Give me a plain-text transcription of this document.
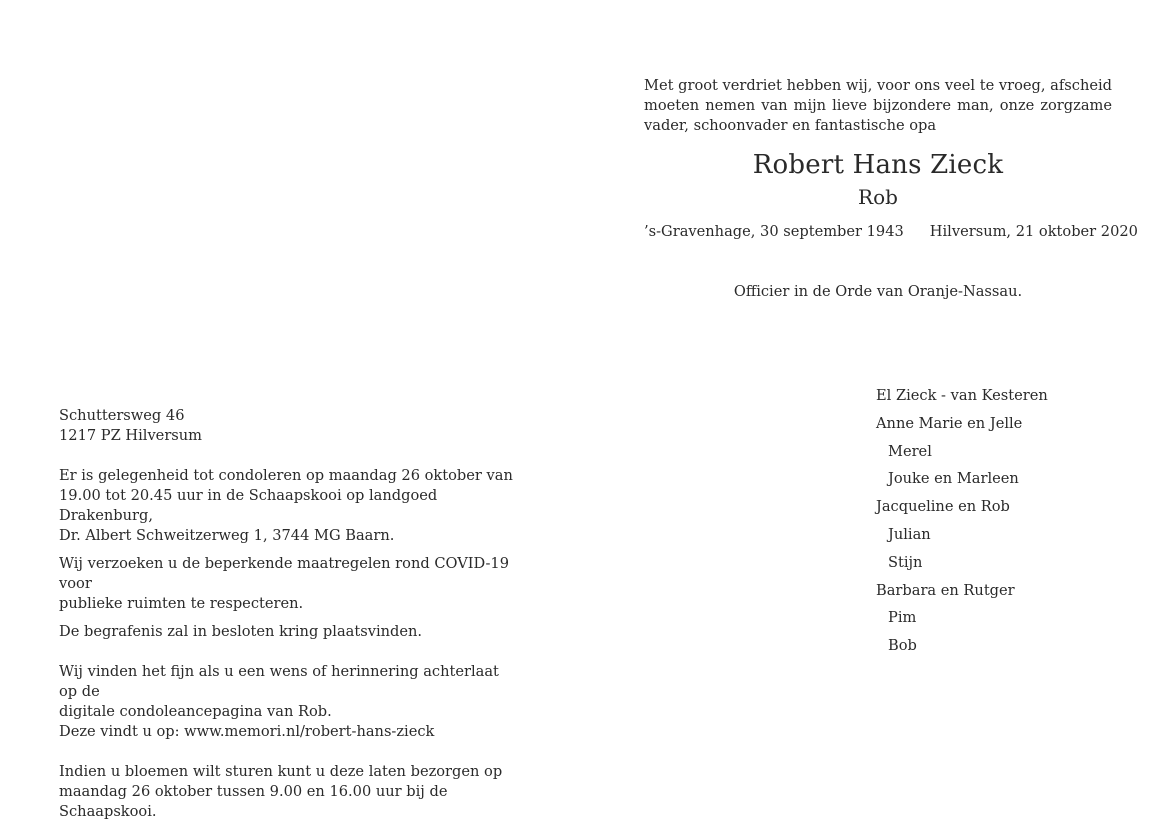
Schuttersweg 46

1217 PZ Hilversum

Er is gelegenheid tot condoleren op maandag 26 oktober van

19.00 tot 20.45 uur in de Schaapskooi op landgoed Drakenburg,

Dr. Albert Schweitzerweg 1, 3744 MG Baarn.

Wij verzoeken u de beperkende maatregelen rond COVID-19 voor

publieke ruimten te respecteren.

De begrafenis zal in besloten kring plaatsvinden.

Wij vinden het fijn als u een wens of herinnering achterlaat op de

digitale condoleancepagina van Rob.

Deze vindt u op: www.memori.nl/robert-hans-zieck

Indien u bloemen wilt sturen kunt u deze laten bezorgen op

maandag 26 oktober tussen 9.00 en 16.00 uur bij de Schaapskooi.

Met groot verdriet hebben wij, voor ons veel te vroeg, afscheid moeten nemen van mijn lieve bijzondere man, onze zorgzame vader, schoonvader en fantastische opa

Robert Hans Zieck

Rob

’s-Gravenhage, 30 september 1943 Hilversum, 21 oktober 2020
Officier in de Orde van Oranje-Nassau.
El Zieck - van Kesteren
Anne Marie en Jelle
Merel
Jouke en Marleen
Jacqueline en Rob
Julian
Stijn
Barbara en Rutger
Pim
Bob
